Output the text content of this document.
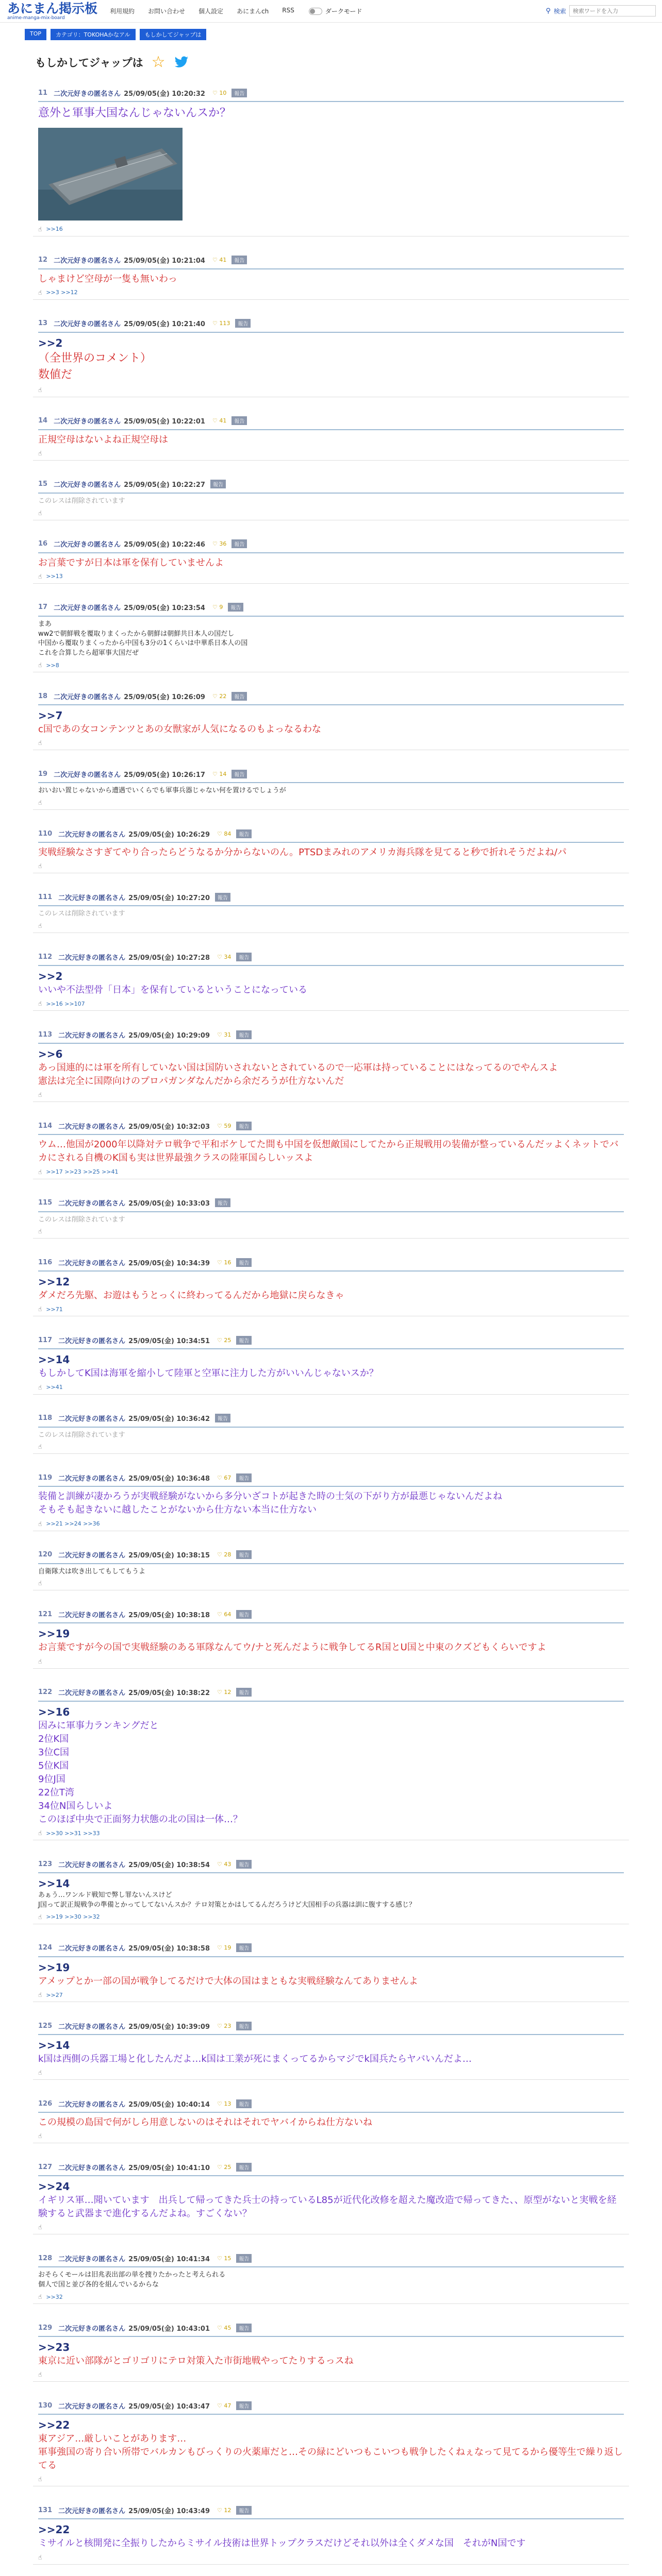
あにまん掲示板
anime-manga-mix-board
利用規約 お問い合わせ 個人設定 あにまんch RSS	ダークモード	⚲ 検索
検索ワードを入力
TOP	カテゴリ：TOKOHAかなアル	もしかしてジャップは
もしかしてジャップは ☆
11 二次元好きの匿名さん 25/09/05(金) 10:20:32 ♡ 10	報告
意外と軍事大国なんじゃないんスか？
☝ >>16
12 二次元好きの匿名さん 25/09/05(金) 10:21:04 ♡ 41	報告
しゃまけど空母が一隻も無いわっ
☝ >>3 >>12
13 二次元好きの匿名さん 25/09/05(金) 10:21:40 ♡ 113	報告
>>2
（全世界のコメント）
数値だ
☝
14 二次元好きの匿名さん 25/09/05(金) 10:22:01 ♡ 41	報告
正規空母はないよね正規空母は
☝
15 二次元好きの匿名さん 25/09/05(金) 10:22:27	報告
このレスは削除されています
☝
16 二次元好きの匿名さん 25/09/05(金) 10:22:46 ♡ 36	報告
お言葉ですが日本は軍を保有していませんよ
☝ >>13
17 二次元好きの匿名さん 25/09/05(金) 10:23:54 ♡ 9	報告
まあ
ww2で朝鮮戦を覆取りまくったから朝鮮は朝鮮共日本人の国だし
中国から覆取りまくったから中国も3分の1くらいは中華系日本人の国
これを合算したら超軍事大国だぜ
☝ >>8
18 二次元好きの匿名さん 25/09/05(金) 10:26:09 ♡ 22	報告
>>7
c国であの女コンテンツとあの女獣家が人気になるのもよっなるわな
☝
19 二次元好きの匿名さん 25/09/05(金) 10:26:17 ♡ 14	報告
おいおい置じゃないから遭遇でいくらでも軍事兵器じゃない何を置けるでしょうが
☝
110 二次元好きの匿名さん 25/09/05(金) 10:26:29 ♡ 84	報告
実戦経験なさすぎてやり合ったらどうなるか分からないのん。PTSDまみれのアメリカ海兵隊を見てると秒で折れそうだよね/パ
☝
111 二次元好きの匿名さん 25/09/05(金) 10:27:20	報告
このレスは削除されています
☝
112 二次元好きの匿名さん 25/09/05(金) 10:27:28 ♡ 34	報告
>>2
いいや不法型骨「日本」を保有しているということになっている
☝ >>16 >>107
113 二次元好きの匿名さん 25/09/05(金) 10:29:09 ♡ 31	報告
>>6
あっ国連的には軍を所有していない国は国防いされないとされているので一応軍は持っていることにはなってるのでやんスよ
憲法は完全に国際向けのプロパガンダなんだから余だろうが仕方ないんだ
☝
114 二次元好きの匿名さん 25/09/05(金) 10:32:03 ♡ 59	報告
ウム…他国が2000年以降対テロ戦争で平和ボケしてた間も中国を仮想敵国にしてたから正規戦用の装備が整っているんだッよくネットでバカにされる自機のK国も実は世界最強クラスの陸軍国らしいッスよ
☝ >>17 >>23 >>25 >>41
115 二次元好きの匿名さん 25/09/05(金) 10:33:03	報告
このレスは削除されています
☝
116 二次元好きの匿名さん 25/09/05(金) 10:34:39 ♡ 16	報告
>>12
ダメだろ先駆、お遊はもうとっくに終わってるんだから地獄に戻らなきゃ
☝ >>71
117 二次元好きの匿名さん 25/09/05(金) 10:34:51 ♡ 25	報告
>>14
もしかしてK国は海軍を縮小して陸軍と空軍に注力した方がいいんじゃないスか？
☝ >>41
118 二次元好きの匿名さん 25/09/05(金) 10:36:42	報告
このレスは削除されています
☝
119 二次元好きの匿名さん 25/09/05(金) 10:36:48 ♡ 67	報告
装備と訓練が凄かろうが実戦経験がないから多分いざコトが起きた時の士気の下がり方が最悪じゃないんだよね
そもそも起きないに越したことがないから仕方ない本当に仕方ない
☝ >>21 >>24 >>36
120 二次元好きの匿名さん 25/09/05(金) 10:38:15 ♡ 28	報告
自衛隊犬は吹き出してもしてもうよ
☝
121 二次元好きの匿名さん 25/09/05(金) 10:38:18 ♡ 64	報告
>>19
お言葉ですが今の国で実戦経験のある軍隊なんてウ/ナと死んだように戦争してるR国とU国と中東のクズどもくらいですよ
☝
122 二次元好きの匿名さん 25/09/05(金) 10:38:22 ♡ 12	報告
>>16
因みに軍事力ランキングだと
2位K国
3位C国
5位K国
9位J国
22位T湾
34位N国らしいよ
このほぼ中央で正面努力状態の北の国は一体…？
☝ >>30 >>31 >>33
123 二次元好きの匿名さん 25/09/05(金) 10:38:54 ♡ 43	報告
>>14
あぁう…ワンルド戦知で弊し罪ないんスけど
J国って訳正規戦争の準備とかってしてないんスか？テロ対策とかはしてるんだろうけど大国相手の兵器は訓に腹すする感じ？
☝ >>19 >>30 >>32
124 二次元好きの匿名さん 25/09/05(金) 10:38:58 ♡ 19	報告
>>19
アメップとか一部の国が戦争してるだけで大体の国はまともな実戦経験なんてありませんよ
☝ >>27
125 二次元好きの匿名さん 25/09/05(金) 10:39:09 ♡ 23	報告
>>14
k国は西側の兵器工場と化したんだよ…k国は工業が死にまくってるからマジでk国兵たらヤバいんだよ…
☝
126 二次元好きの匿名さん 25/09/05(金) 10:40:14 ♡ 13	報告
この規模の島国で何がしら用意しないのはそれはそれでヤバイからね仕方ないね
☝
127 二次元好きの匿名さん 25/09/05(金) 10:41:10 ♡ 25	報告
>>24
イギリス軍…聞いています　出兵して帰ってきた兵士の持っているL85が近代化改修を超えた魔改造で帰ってきた、、原型がないと実戦を経験すると武器まで進化するんだよね。すごくない？
☝
128 二次元好きの匿名さん 25/09/05(金) 10:41:34 ♡ 15	報告
おそらくモールは旧兆表出部の単を捜りたかったと考えられる
個人で国と並び各的を組んでいるからな
☝ >>32
129 二次元好きの匿名さん 25/09/05(金) 10:43:01 ♡ 45	報告
>>23
東京に近い部隊がとゴリゴリにテロ対策入た市街地戦やってたりするっスね
☝
130 二次元好きの匿名さん 25/09/05(金) 10:43:47 ♡ 47	報告
>>22
東アジア…厳しいことがあります…
軍事強国の寄り合い所帯でバルカンもびっくりの火薬庫だと…その緑にどいつもこいつも戦争したくねぇなって見てるから優等生で繰り返してる
☝
131 二次元好きの匿名さん 25/09/05(金) 10:43:49 ♡ 12	報告
>>22
ミサイルと核開発に全振りしたからミサイル技術は世界トップクラスだけどそれ以外は全くダメな国　それがN国です
☝
